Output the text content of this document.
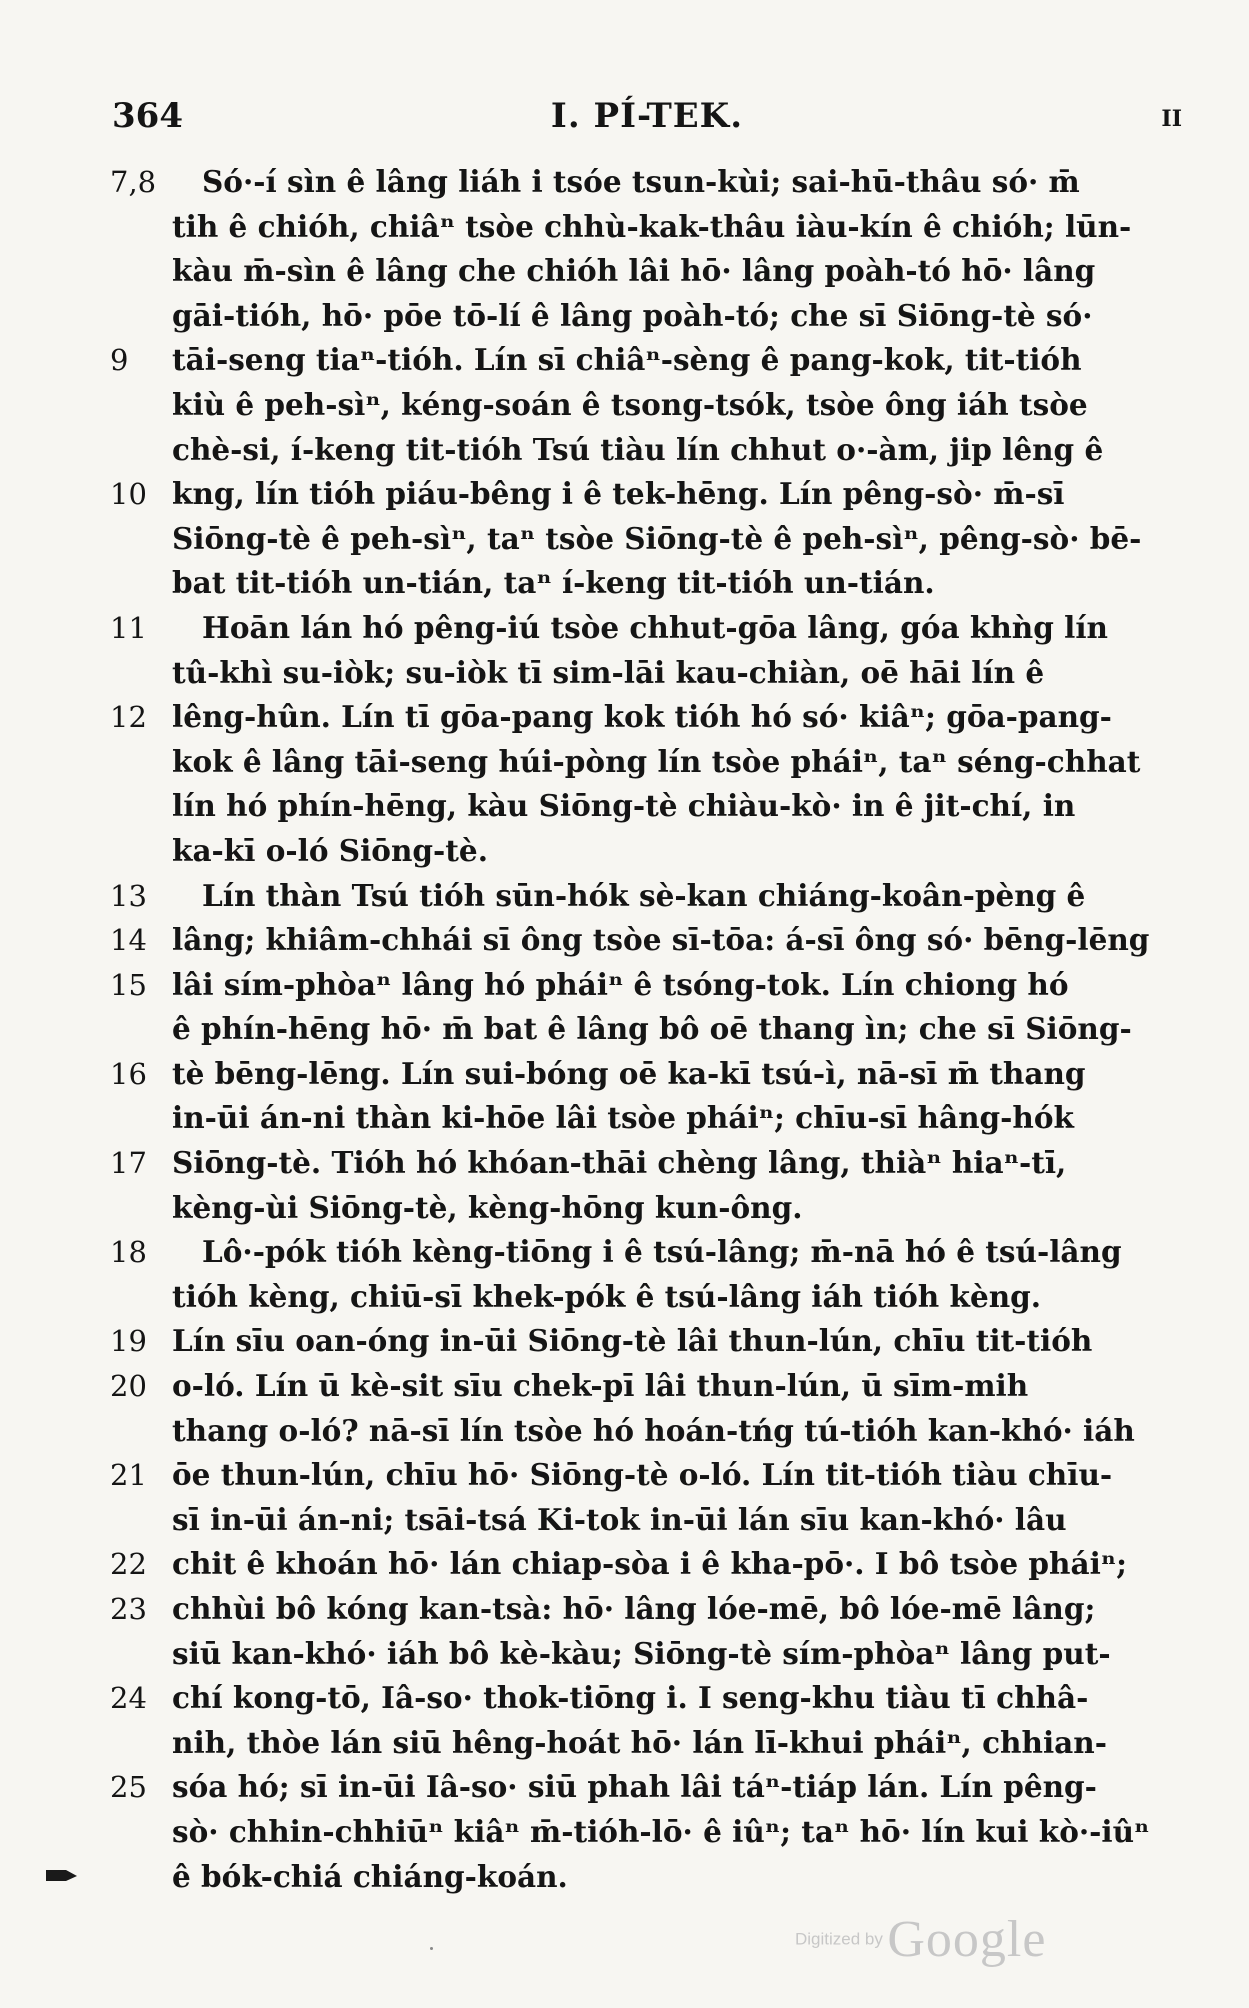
364	I. PÍ-TEK.	II
7,8	Só·-í sìn ê lâng liáh i tsóe tsun-kùi; sai-hū-thâu só· m̄
tih ê chióh, chiâⁿ tsòe chhù-kak-thâu iàu-kín ê chióh; lūn-
kàu m̄-sìn ê lâng che chióh lâi hō· lâng poàh-tó hō· lâng
gāi-tióh, hō· pōe tō-lí ê lâng poàh-tó; che sī Siōng-tè só·
9 tāi-seng tiaⁿ-tióh. Lín sī chiâⁿ-sèng ê pang-kok, tit-tióh
kiù ê peh-sìⁿ, kéng-soán ê tsong-tsók, tsòe ông iáh tsòe
chè-si, í-keng tit-tióh Tsú tiàu lín chhut o·-àm, jip lêng ê
10 kng, lín tióh piáu-bêng i ê tek-hēng. Lín pêng-sò· m̄-sī
Siōng-tè ê peh-sìⁿ, taⁿ tsòe Siōng-tè ê peh-sìⁿ, pêng-sò· bē-
bat tit-tióh un-tián, taⁿ í-keng tit-tióh un-tián.
11	Hoān lán hó pêng-iú tsòe chhut-gōa lâng, góa khǹg lín
tû-khì su-iòk; su-iòk tī sim-lāi kau-chiàn, oē hāi lín ê
12 lêng-hûn. Lín tī gōa-pang kok tióh hó só· kiâⁿ; gōa-pang-
kok ê lâng tāi-seng húi-pòng lín tsòe pháiⁿ, taⁿ séng-chhat
lín hó phín-hēng, kàu Siōng-tè chiàu-kò· in ê jit-chí, in
ka-kī o-ló Siōng-tè.
13	Lín thàn Tsú tióh sūn-hók sè-kan chiáng-koân-pèng ê
14 lâng; khiâm-chhái sī ông tsòe sī-tōa: á-sī ông só· bēng-lēng
15 lâi sím-phòaⁿ lâng hó pháiⁿ ê tsóng-tok. Lín chiong hó
ê phín-hēng hō· m̄ bat ê lâng bô oē thang ìn; che sī Siōng-
16 tè bēng-lēng. Lín sui-bóng oē ka-kī tsú-ì, nā-sī m̄ thang
in-ūi án-ni thàn ki-hōe lâi tsòe pháiⁿ; chīu-sī hâng-hók
17 Siōng-tè. Tióh hó khóan-thāi chèng lâng, thiàⁿ hiaⁿ-tī,
kèng-ùi Siōng-tè, kèng-hōng kun-ông.
18	Lô·-pók tióh kèng-tiōng i ê tsú-lâng; m̄-nā hó ê tsú-lâng
tióh kèng, chiū-sī khek-pók ê tsú-lâng iáh tióh kèng.
19 Lín sīu oan-óng in-ūi Siōng-tè lâi thun-lún, chīu tit-tióh
20 o-ló. Lín ū kè-sit sīu chek-pī lâi thun-lún, ū sīm-mih
thang o-ló? nā-sī lín tsòe hó hoán-tńg tú-tióh kan-khó· iáh
21 ōe thun-lún, chīu hō· Siōng-tè o-ló. Lín tit-tióh tiàu chīu-
sī in-ūi án-ni; tsāi-tsá Ki-tok in-ūi lán sīu kan-khó· lâu
22 chit ê khoán hō· lán chiap-sòa i ê kha-pō·. I bô tsòe pháiⁿ;
23 chhùi bô kóng kan-tsà: hō· lâng lóe-mē, bô lóe-mē lâng;
siū kan-khó· iáh bô kè-kàu; Siōng-tè sím-phòaⁿ lâng put-
24 chí kong-tō, Iâ-so· thok-tiōng i. I seng-khu tiàu tī chhâ-
nih, thòe lán siū hêng-hoát hō· lán lī-khui pháiⁿ, chhian-
25 sóa hó; sī in-ūi Iâ-so· siū phah lâi táⁿ-tiáp lán. Lín pêng-
sò· chhin-chhiūⁿ kiâⁿ m̄-tióh-lō· ê iûⁿ; taⁿ hō· lín kui kò·-iûⁿ
ê bók-chiá chiáng-koán.
Digitized by Google
